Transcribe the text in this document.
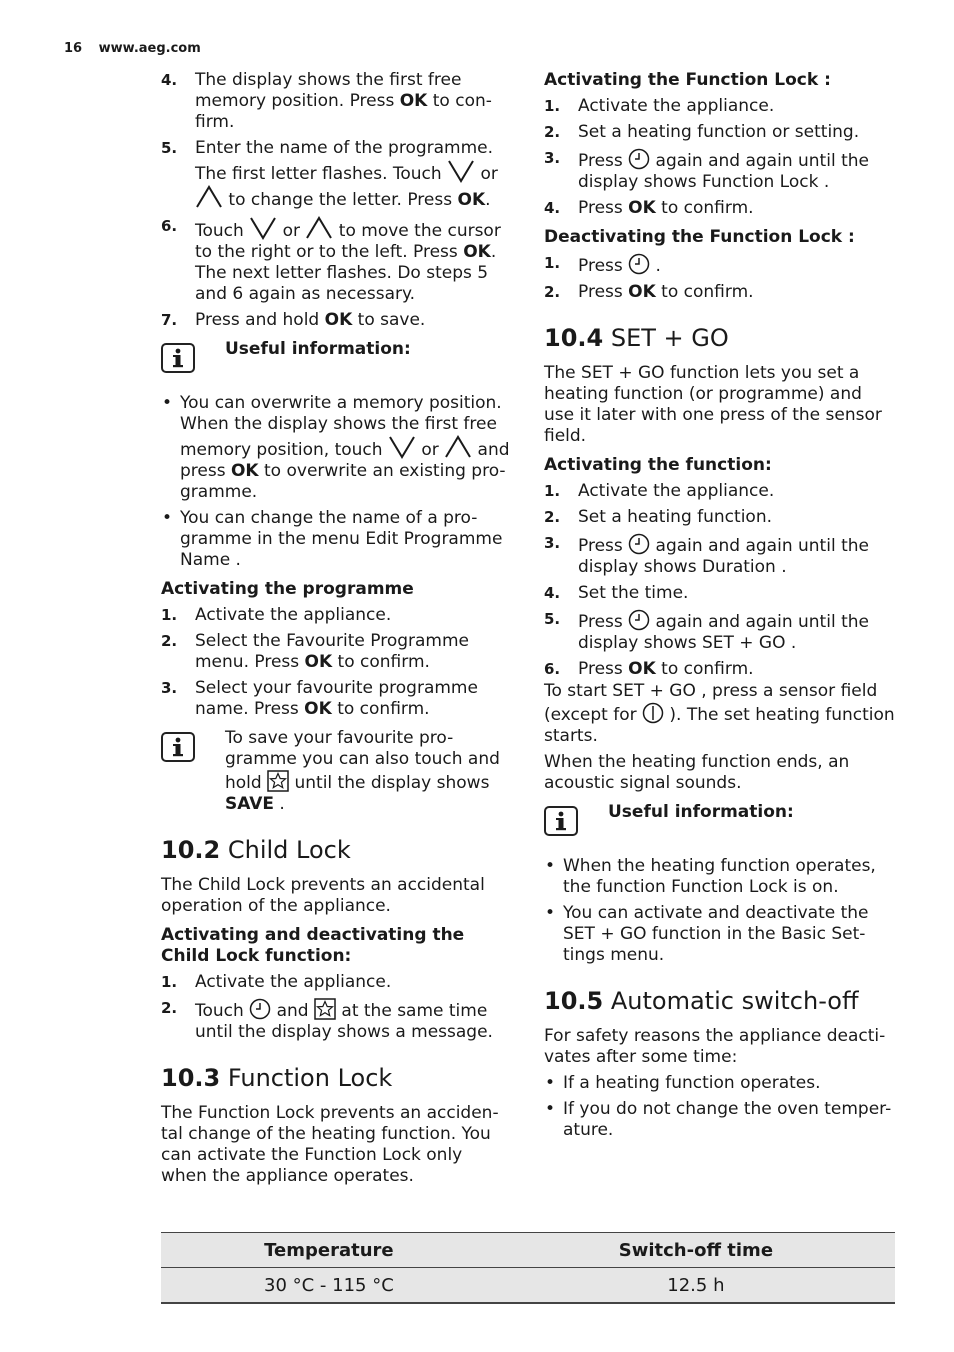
16 www.aeg.com
4. The display shows the first free memory position. Press OK to con-firm.
5. Enter the name of the programme. The first letter flashes. Touch  or  to change the letter. Press OK.
6. Touch  or  to move the cursor to the right or to the left. Press OK. The next letter flashes. Do steps 5 and 6 again as necessary.
7. Press and hold OK to save.
Useful information:
• You can overwrite a memory position. When the display shows the first free memory position, touch  or  and press OK to overwrite an existing pro-gramme.
• You can change the name of a pro-gramme in the menu Edit Programme Name .
Activating the programme
1. Activate the appliance.
2. Select the Favourite Programme menu. Press OK to confirm.
3. Select your favourite programme name. Press OK to confirm.
To save your favourite pro-gramme you can also touch and hold  until the display shows SAVE .
10.2 Child Lock

The Child Lock prevents an accidental operation of the appliance.

Activating and deactivating the Child Lock function:
1. Activate the appliance.
2. Touch  and  at the same time until the display shows a message.
10.3 Function Lock

The Function Lock prevents an acciden-tal change of the heating function. You can activate the Function Lock only when the appliance operates.

Activating the Function Lock :
1. Activate the appliance.
2. Set a heating function or setting.
3. Press  again and again until the display shows Function Lock .
4. Press OK to confirm.
Deactivating the Function Lock :
1. Press  .
2. Press OK to confirm.
10.4 SET + GO

The SET + GO function lets you set a heating function (or programme) and use it later with one press of the sensor field.

Activating the function:
1. Activate the appliance.
2. Set a heating function.
3. Press  again and again until the display shows Duration .
4. Set the time.
5. Press  again and again until the display shows SET + GO .
6. Press OK to confirm.

To start SET + GO , press a sensor field (except for  ). The set heating function starts.

When the heating function ends, an acoustic signal sounds.

Useful information:
• When the heating function operates, the function Function Lock is on.
• You can activate and deactivate the SET + GO function in the Basic Set-tings menu.
10.5 Automatic switch-off

For safety reasons the appliance deacti-vates after some time:

• If a heating function operates.
• If you do not change the oven temper-ature.
Temperature	Switch-off time
30 °C - 115 °C	12.5 h
